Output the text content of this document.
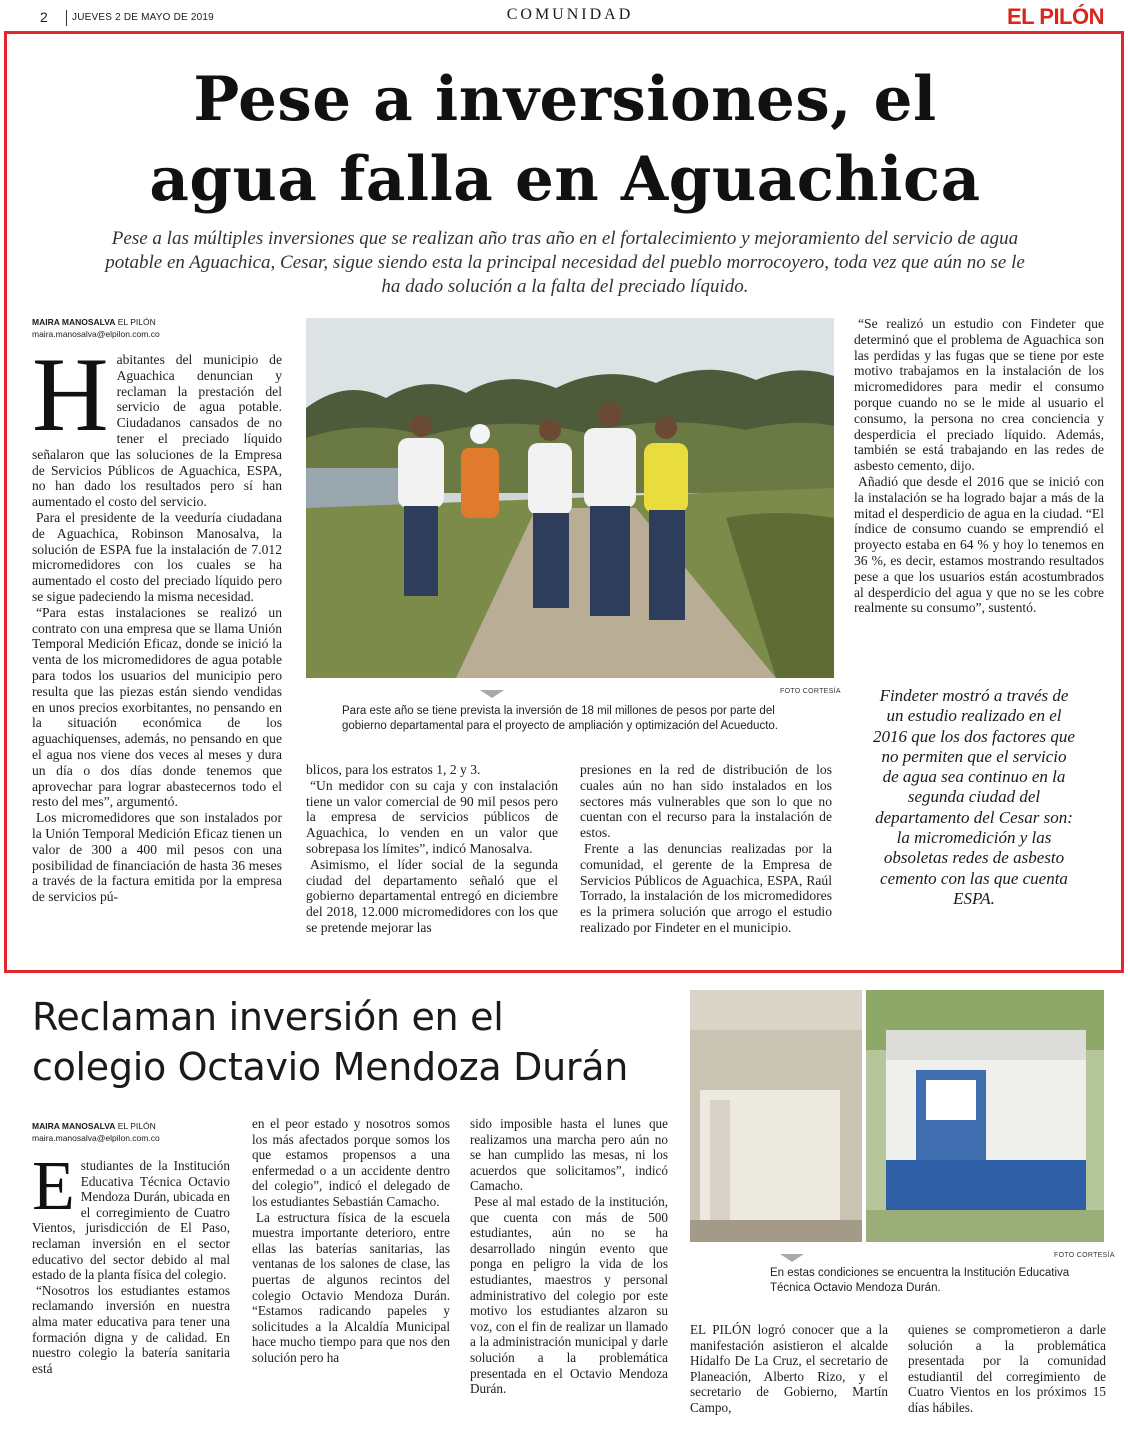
2 JUEVES 2 DE MAYO DE 2019	COMUNIDAD	EL PILÓN
Pese a inversiones, el
agua falla en Aguachica
Pese a las múltiples inversiones que se realizan año tras año en el fortalecimiento y mejoramiento del servicio de agua potable en Aguachica, Cesar, sigue siendo esta la principal necesidad del pueblo morrocoyero, toda vez que aún no se le ha dado solución a la falta del preciado líquido.
MAIRA MANOSALVA EL PILÓN
maira.manosalva@elpilon.com.co

Habitantes del municipio de Aguachica denuncian y reclaman la prestación del servicio de agua potable. Ciudadanos cansados de no tener el preciado líquido señalaron que las soluciones de la Empresa de Servicios Públicos de Aguachica, ESPA, no han dado los resultados pero sí han aumentado el costo del servicio.

Para el presidente de la veeduría ciudadana de Aguachica, Robinson Manosalva, la solución de ESPA fue la instalación de 7.012 micromedidores con los cuales se ha aumentado el costo del preciado líquido pero se sigue padeciendo la misma necesidad.

“Para estas instalaciones se realizó un contrato con una empresa que se llama Unión Temporal Medición Eficaz, donde se inició la venta de los micromedidores de agua potable para todos los usuarios del municipio pero resulta que las piezas están siendo vendidas en unos precios exorbitantes, no pensando en la situación económica de los aguachiquenses, además, no pensando en que el agua nos viene dos veces al meses y dura un día o dos días donde tenemos que aprovechar para lograr abastecernos todo el resto del mes”, argumentó.

Los micromedidores que son instalados por la Unión Temporal Medición Eficaz tienen un valor de 300 a 400 mil pesos con una posibilidad de financiación de hasta 36 meses a través de la factura emitida por la empresa de servicios pú-

FOTO CORTESÍA
Para este año se tiene prevista la inversión de 18 mil millones de pesos por parte del gobierno departamental para el proyecto de ampliación y optimización del Acueducto.

blicos, para los estratos 1, 2 y 3.

“Un medidor con su caja y con instalación tiene un valor comercial de 90 mil pesos pero la empresa de servicios públicos de Aguachica, lo venden en un valor que sobrepasa los límites”, indicó Manosalva.

Asimismo, el líder social de la segunda ciudad del departamento señaló que el gobierno departamental entregó en diciembre del 2018, 12.000 micromedidores con los que se pretende mejorar las

presiones en la red de distribución de los cuales aún no han sido instalados en los sectores más vulnerables que son lo que no cuentan con el recurso para la instalación de estos.

Frente a las denuncias realizadas por la comunidad, el gerente de la Empresa de Servicios Públicos de Aguachica, ESPA, Raúl Torrado, la instalación de los micromedidores es la primera solución que arrogo el estudio realizado por Findeter en el municipio.

“Se realizó un estudio con Findeter que determinó que el problema de Aguachica son las perdidas y las fugas que se tiene por este motivo trabajamos en la instalación de los micromedidores para medir el consumo porque cuando no se le mide al usuario el consumo, la persona no crea conciencia y desperdicia el preciado líquido. Además, también se está trabajando en las redes de asbesto cemento, dijo.

Añadió que desde el 2016 que se inició con la instalación se ha logrado bajar a más de la mitad el desperdicio de agua en la ciudad. “El índice de consumo cuando se emprendió el proyecto estaba en 64 % y hoy lo tenemos en 36 %, es decir, estamos mostrando resultados pese a que los usuarios están acostumbrados al desperdicio del agua y que no se les cobre realmente su consumo”, sustentó.

Findeter mostró a través de un estudio realizado en el 2016 que los dos factores que no permiten que el servicio de agua sea continuo en la segunda ciudad del departamento del Cesar son: la micromedición y las obsoletas redes de asbesto cemento con las que cuenta ESPA.
Reclaman inversión en el
colegio Octavio Mendoza Durán
MAIRA MANOSALVA EL PILÓN
maira.manosalva@elpilon.com.co

Estudiantes de la Institución Educativa Técnica Octavio Mendoza Durán, ubicada en el corregimiento de Cuatro Vientos, jurisdicción de El Paso, reclaman inversión en el sector educativo del sector debido al mal estado de la planta física del colegio.

“Nosotros los estudiantes estamos reclamando inversión en nuestra alma mater educativa para tener una formación digna y de calidad. En nuestro colegio la batería sanitaria está

en el peor estado y nosotros somos los más afectados porque somos los que estamos propensos a una enfermedad o a un accidente dentro del colegio”, indicó el delegado de los estudiantes Sebastián Camacho.

La estructura física de la escuela muestra importante deterioro, entre ellas las baterías sanitarias, las ventanas de los salones de clase, las puertas de algunos recintos del colegio Octavio Mendoza Durán. “Estamos radicando papeles y solicitudes a la Alcaldía Municipal hace mucho tiempo para que nos den solución pero ha

sido imposible hasta el lunes que realizamos una marcha pero aún no se han cumplido las mesas, ni los acuerdos que solicitamos”, indicó Camacho.

Pese al mal estado de la institución, que cuenta con más de 500 estudiantes, aún no se ha desarrollado ningún evento que ponga en peligro la vida de los estudiantes, maestros y personal administrativo del colegio por este motivo los estudiantes alzaron su voz, con el fin de realizar un llamado a la administración municipal y darle solución a la problemática presentada en el Octavio Mendoza Durán.

FOTO CORTESÍA
En estas condiciones se encuentra la Institución Educativa Técnica Octavio Mendoza Durán.

EL PILÓN logró conocer que a la manifestación asistieron el alcalde Hidalfo De La Cruz, el secretario de Planeación, Alberto Rizo, y el secretario de Gobierno, Martín Campo,

quienes se comprometieron a darle solución a la problemática presentada por la comunidad estudiantil del corregimiento de Cuatro Vientos en los próximos 15 días hábiles.
